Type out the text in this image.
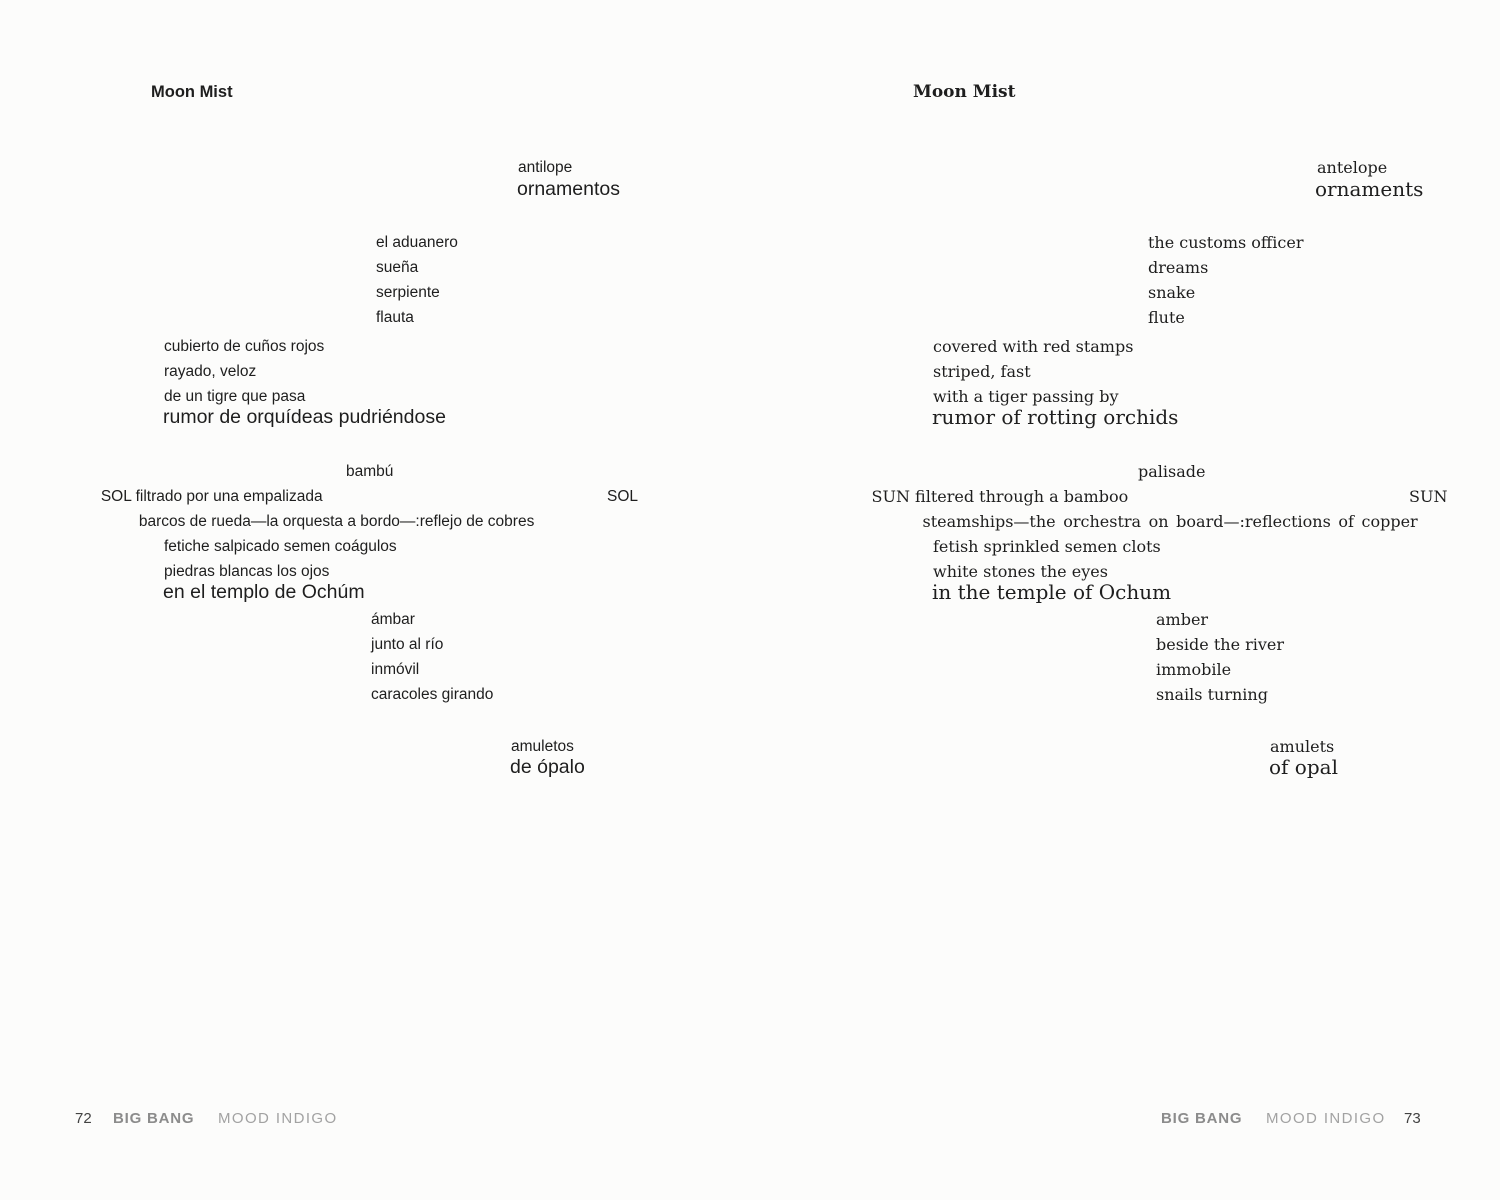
Moon Mist
antilope
ornamentos
el aduanero
sueña
serpiente
flauta
cubierto de cuños rojos
rayado, veloz
de un tigre que pasa
rumor de orquídeas pudriéndose

SOL filtrado por una empalizada

bambú

barcos de rueda—la orquesta a bordo—:reflejo de cobres

SOL

fetiche salpicado semen coágulos
piedras blancas los ojos
en el templo de Ochúm
ámbar
junto al río
inmóvil
caracoles girando
amuletos
de ópalo
72 BIG BANG MOOD INDIGO
Moon Mist
antelope
ornaments
the customs officer
dreams
snake
flute
covered with red stamps
striped, fast
with a tiger passing by
rumor of rotting orchids

SUN filtered through a bamboo

palisade

steamships—the orchestra on board—:reflections of copper

SUN

fetish sprinkled semen clots
white stones the eyes
in the temple of Ochum
amber
beside the river
immobile
snails turning
amulets
of opal
BIG BANG MOOD INDIGO 73
